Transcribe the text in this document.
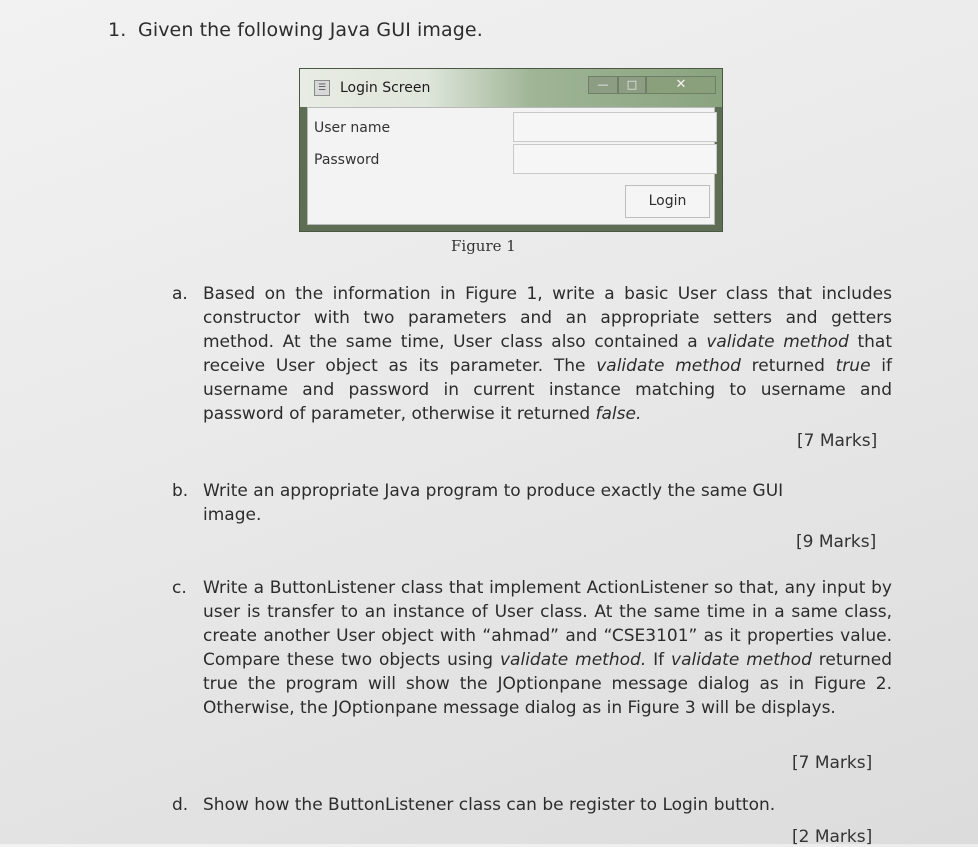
1. Given the following Java GUI image.
☰ Login Screen	—	□	✕
User name
Password
Login
Figure 1
a. Based on the information in Figure 1, write a basic User class that includes constructor with two parameters and an appropriate setters and getters method. At the same time, User class also contained a validate method that receive User object as its parameter. The validate method returned true if username and password in current instance matching to username and password of parameter, otherwise it returned false.
[7 Marks]
b. Write an appropriate Java program to produce exactly the same GUI image.
[9 Marks]
c. Write a ButtonListener class that implement ActionListener so that, any input by user is transfer to an instance of User class. At the same time in a same class, create another User object with “ahmad” and “CSE3101” as it properties value. Compare these two objects using validate method. If validate method returned true the program will show the JOptionpane message dialog as in Figure 2. Otherwise, the JOptionpane message dialog as in Figure 3 will be displays.
[7 Marks]
d. Show how the ButtonListener class can be register to Login button.
[2 Marks]
